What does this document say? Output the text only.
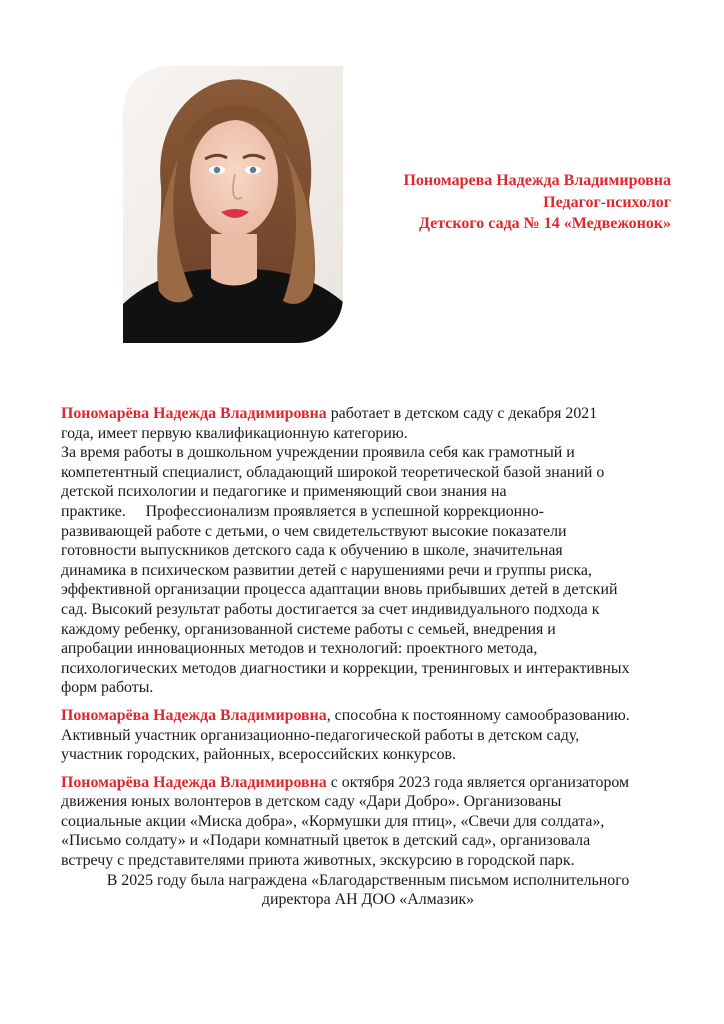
Пономарева Надежда Владимировна
Педагог-психолог
Детского сада № 14 «Медвежонок»

Пономарёва Надежда Владимировна работает в детском саду с декабря 2021
года, имеет первую квалификационную категорию.
За время работы в дошкольном учреждении проявила себя как грамотный и
компетентный специалист, обладающий широкой теоретической базой знаний о
детской психологии и педагогике и применяющий свои знания на
практике.     Профессионализм проявляется в успешной коррекционно-
развивающей работе с детьми, о чем свидетельствуют высокие показатели
готовности выпускников детского сада к обучению в школе, значительная
динамика в психическом развитии детей с нарушениями речи и группы риска,
эффективной организации процесса адаптации вновь прибывших детей в детский
сад. Высокий результат работы достигается за счет индивидуального подхода к
каждому ребенку, организованной системе работы с семьей, внедрения и
апробации инновационных методов и технологий: проектного метода,
психологических методов диагностики и коррекции, тренинговых и интерактивных
форм работы.

Пономарёва Надежда Владимировна, способна к постоянному самообразованию.
Активный участник организационно-педагогической работы в детском саду,
участник городских, районных, всероссийских конкурсов.

Пономарёва Надежда Владимировна с октября 2023 года является организатором
движения юных волонтеров в детском саду «Дари Добро». Организованы
социальные акции «Миска добра», «Кормушки для птиц», «Свечи для солдата»,
«Письмо солдату» и «Подари комнатный цветок в детский сад», организовала
встречу с представителями приюта животных, экскурсию в городской парк.

В 2025 году была награждена «Благодарственным письмом исполнительного
директора АН ДОО «Алмазик»
